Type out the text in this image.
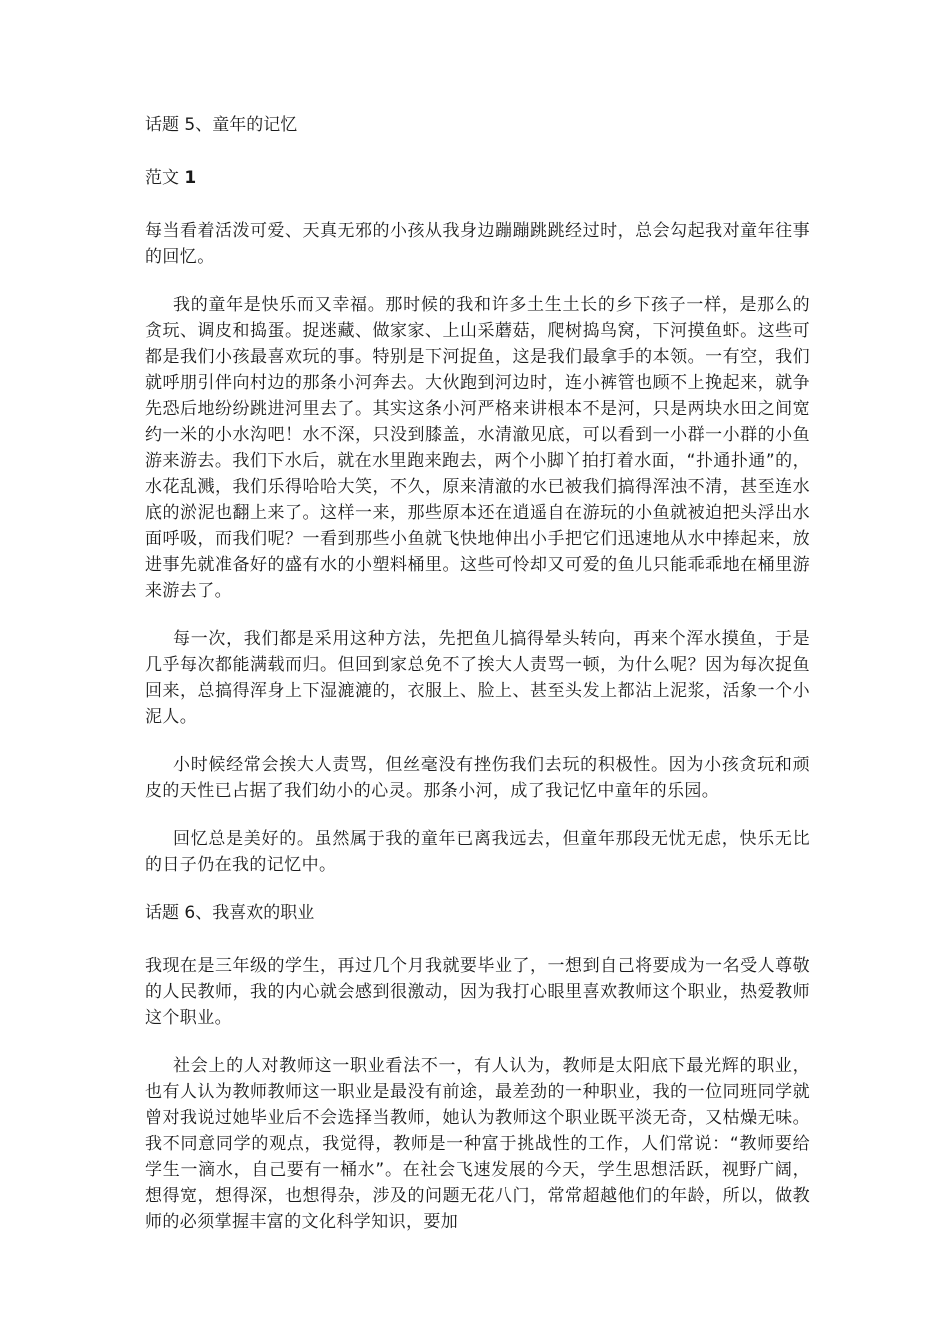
话题 5、童年的记忆
范文 1

每当看着活泼可爱、天真无邪的小孩从我身边蹦蹦跳跳经过时，总会勾起我对童年往事的回忆。

我的童年是快乐而又幸福。那时候的我和许多土生土长的乡下孩子一样，是那么的贪玩、调皮和捣蛋。捉迷藏、做家家、上山采蘑菇，爬树捣鸟窝，下河摸鱼虾。这些可都是我们小孩最喜欢玩的事。特别是下河捉鱼，这是我们最拿手的本领。一有空，我们就呼朋引伴向村边的那条小河奔去。大伙跑到河边时，连小裤管也顾不上挽起来，就争先恐后地纷纷跳进河里去了。其实这条小河严格来讲根本不是河，只是两块水田之间宽约一米的小水沟吧！水不深，只没到膝盖，水清澈见底，可以看到一小群一小群的小鱼游来游去。我们下水后，就在水里跑来跑去，两个小脚丫拍打着水面，“扑通扑通”的，水花乱溅，我们乐得哈哈大笑，不久，原来清澈的水已被我们搞得浑浊不清，甚至连水底的淤泥也翻上来了。这样一来，那些原本还在逍遥自在游玩的小鱼就被迫把头浮出水面呼吸，而我们呢？一看到那些小鱼就飞快地伸出小手把它们迅速地从水中捧起来，放进事先就准备好的盛有水的小塑料桶里。这些可怜却又可爱的鱼儿只能乖乖地在桶里游来游去了。

每一次，我们都是采用这种方法，先把鱼儿搞得晕头转向，再来个浑水摸鱼，于是几乎每次都能满载而归。但回到家总免不了挨大人责骂一顿，为什么呢？因为每次捉鱼回来，总搞得浑身上下湿漉漉的，衣服上、脸上、甚至头发上都沾上泥浆，活象一个小泥人。

小时候经常会挨大人责骂，但丝毫没有挫伤我们去玩的积极性。因为小孩贪玩和顽皮的天性已占据了我们幼小的心灵。那条小河，成了我记忆中童年的乐园。

回忆总是美好的。虽然属于我的童年已离我远去，但童年那段无忧无虑，快乐无比的日子仍在我的记忆中。

话题 6、我喜欢的职业

我现在是三年级的学生，再过几个月我就要毕业了，一想到自己将要成为一名受人尊敬的人民教师，我的内心就会感到很激动，因为我打心眼里喜欢教师这个职业，热爱教师这个职业。

社会上的人对教师这一职业看法不一，有人认为，教师是太阳底下最光辉的职业，也有人认为教师教师这一职业是最没有前途，最差劲的一种职业，我的一位同班同学就曾对我说过她毕业后不会选择当教师，她认为教师这个职业既平淡无奇，又枯燥无味。我不同意同学的观点，我觉得，教师是一种富于挑战性的工作，人们常说：“教师要给学生一滴水，自己要有一桶水”。在社会飞速发展的今天，学生思想活跃，视野广阔，想得宽，想得深，也想得杂，涉及的问题无花八门，常常超越他们的年龄，所以，做教师的必须掌握丰富的文化科学知识，要加
